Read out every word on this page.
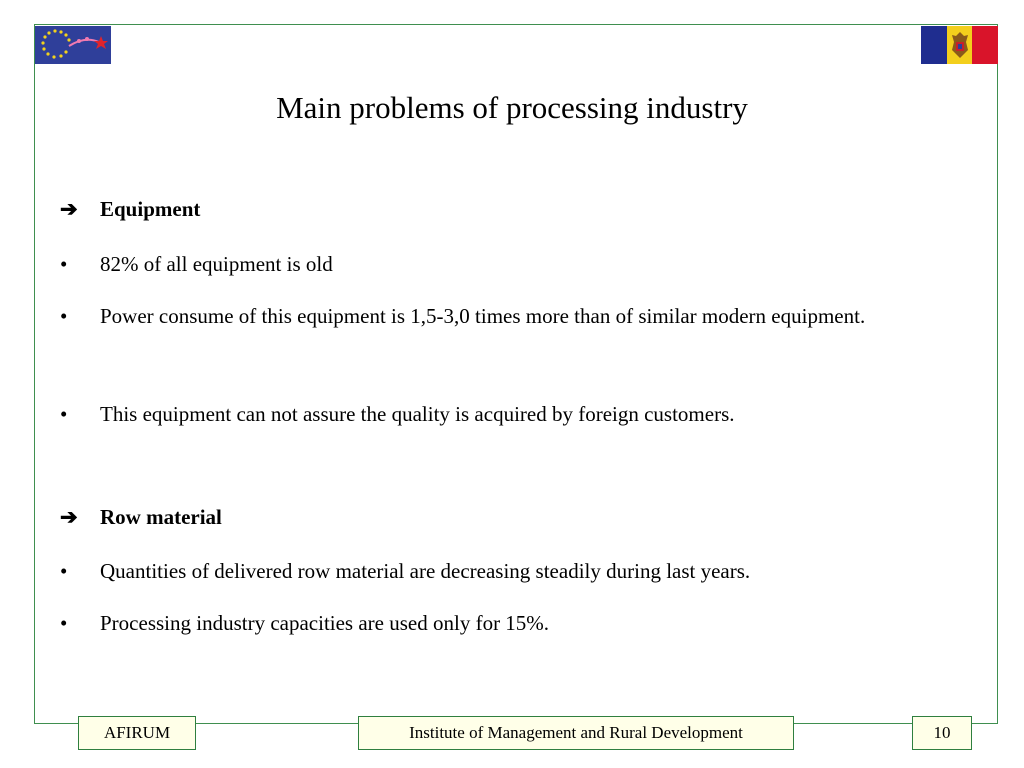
Main problems of processing industry
➔	Equipment
•	82% of all equipment is old
•	Power consume of this equipment is 1,5-3,0 times more than of similar modern equipment.
•	This equipment can not assure the quality is acquired by foreign customers.
➔	Row material
•	Quantities of delivered row material are decreasing steadily during last years.
•	Processing industry capacities are used only for 15%.
AFIRUM	Institute of Management and Rural Development	10
